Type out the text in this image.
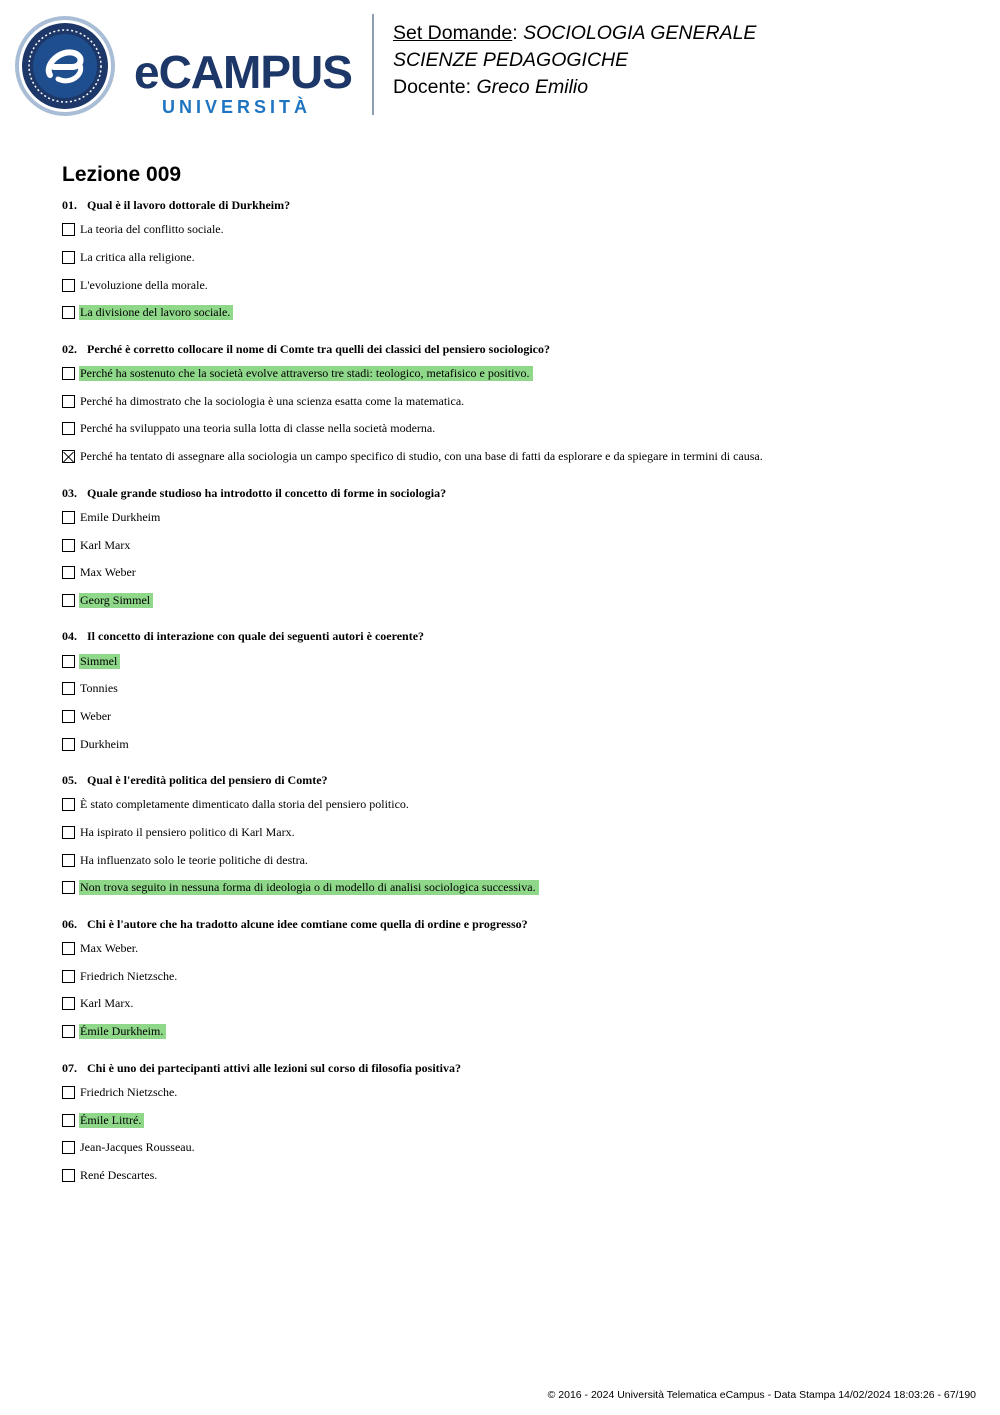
eCAMPUS
UNIVERSITÀ
Set Domande: SOCIOLOGIA GENERALE
SCIENZE PEDAGOGICHE
Docente: Greco Emilio
Lezione 009
01. Qual è il lavoro dottorale di Durkheim?
La teoria del conflitto sociale.
La critica alla religione.
L'evoluzione della morale.
La divisione del lavoro sociale.
02. Perché è corretto collocare il nome di Comte tra quelli dei classici del pensiero sociologico?
Perché ha sostenuto che la società evolve attraverso tre stadi: teologico, metafisico e positivo.
Perché ha dimostrato che la sociologia è una scienza esatta come la matematica.
Perché ha sviluppato una teoria sulla lotta di classe nella società moderna.
Perché ha tentato di assegnare alla sociologia un campo specifico di studio, con una base di fatti da esplorare e da spiegare in termini di causa.
03. Quale grande studioso ha introdotto il concetto di forme in sociologia?
Emile Durkheim
Karl Marx
Max Weber
Georg Simmel
04. Il concetto di interazione con quale dei seguenti autori è coerente?
Simmel
Tonnies
Weber
Durkheim
05. Qual è l'eredità politica del pensiero di Comte?
È stato completamente dimenticato dalla storia del pensiero politico.
Ha ispirato il pensiero politico di Karl Marx.
Ha influenzato solo le teorie politiche di destra.
Non trova seguito in nessuna forma di ideologia o di modello di analisi sociologica successiva.
06. Chi è l'autore che ha tradotto alcune idee comtiane come quella di ordine e progresso?
Max Weber.
Friedrich Nietzsche.
Karl Marx.
Émile Durkheim.
07. Chi è uno dei partecipanti attivi alle lezioni sul corso di filosofia positiva?
Friedrich Nietzsche.
Émile Littré.
Jean-Jacques Rousseau.
René Descartes.
© 2016 - 2024 Università Telematica eCampus - Data Stampa 14/02/2024 18:03:26 - 67/190
